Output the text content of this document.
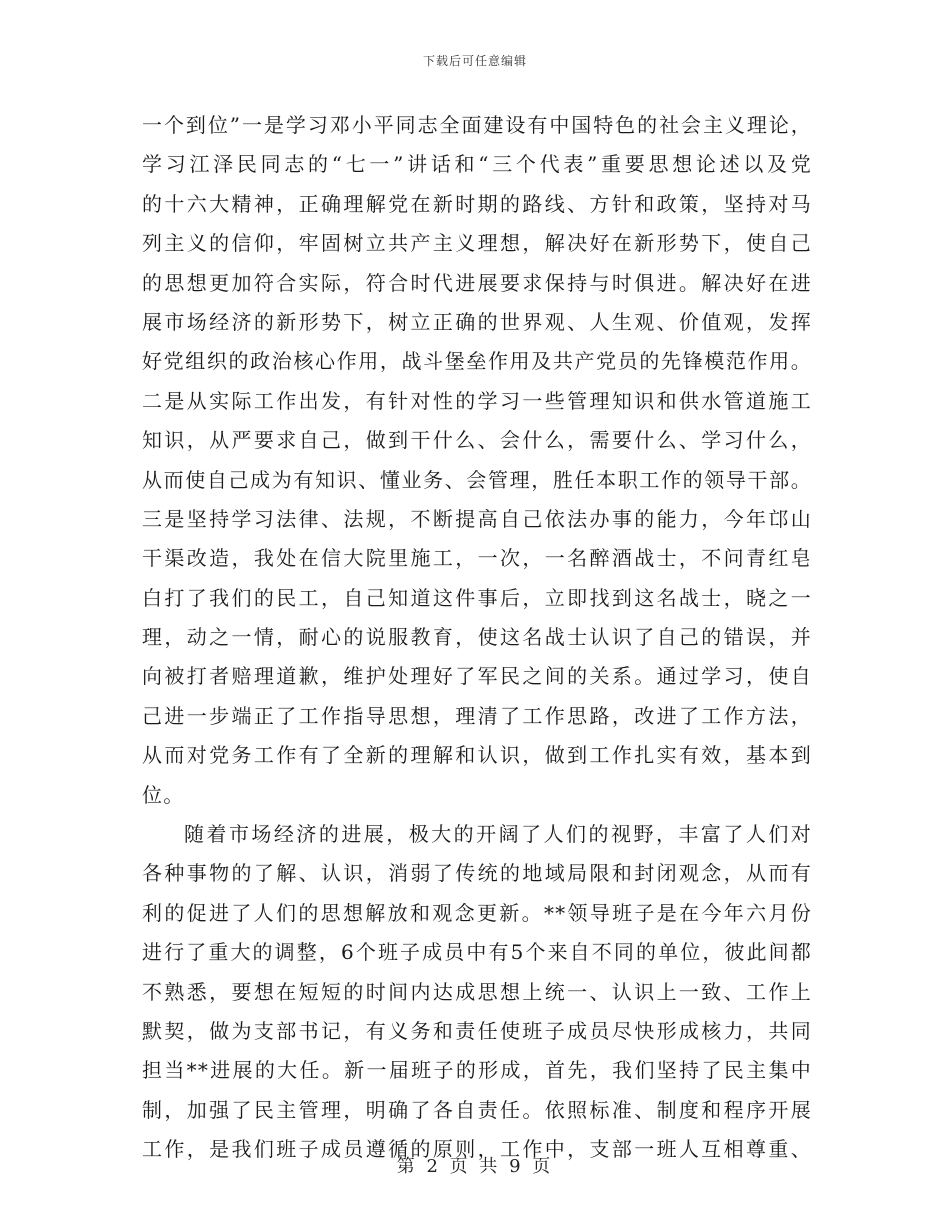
下载后可任意编辑
一个到位”一是学习邓小平同志全面建设有中国特色的社会主义理论，
学习江泽民同志的“七一”讲话和“三个代表”重要思想论述以及党
的十六大精神，正确理解党在新时期的路线、方针和政策，坚持对马
列主义的信仰，牢固树立共产主义理想，解决好在新形势下，使自己
的思想更加符合实际，符合时代进展要求保持与时俱进。解决好在进
展市场经济的新形势下，树立正确的世界观、人生观、价值观，发挥
好党组织的政治核心作用，战斗堡垒作用及共产党员的先锋模范作用。
二是从实际工作出发，有针对性的学习一些管理知识和供水管道施工
知识，从严要求自己，做到干什么、会什么，需要什么、学习什么，
从而使自己成为有知识、懂业务、会管理，胜任本职工作的领导干部。
三是坚持学习法律、法规，不断提高自己依法办事的能力，今年邙山
干渠改造，我处在信大院里施工，一次，一名醉酒战士，不问青红皂
白打了我们的民工，自己知道这件事后，立即找到这名战士，晓之一
理，动之一情，耐心的说服教育，使这名战士认识了自己的错误，并
向被打者赔理道歉，维护处理好了军民之间的关系。通过学习，使自
己进一步端正了工作指导思想，理清了工作思路，改进了工作方法，
从而对党务工作有了全新的理解和认识，做到工作扎实有效，基本到
位。
随着市场经济的进展，极大的开阔了人们的视野，丰富了人们对
各种事物的了解、认识，消弱了传统的地域局限和封闭观念，从而有
利的促进了人们的思想解放和观念更新。**领导班子是在今年六月份
进行了重大的调整，6个班子成员中有5个来自不同的单位，彼此间都
不熟悉，要想在短短的时间内达成思想上统一、认识上一致、工作上
默契，做为支部书记，有义务和责任使班子成员尽快形成核力，共同
担当**进展的大任。新一届班子的形成，首先，我们坚持了民主集中
制，加强了民主管理，明确了各自责任。依照标准、制度和程序开展
工作，是我们班子成员遵循的原则，工作中，支部一班人互相尊重、
第 2 页 共 9 页
